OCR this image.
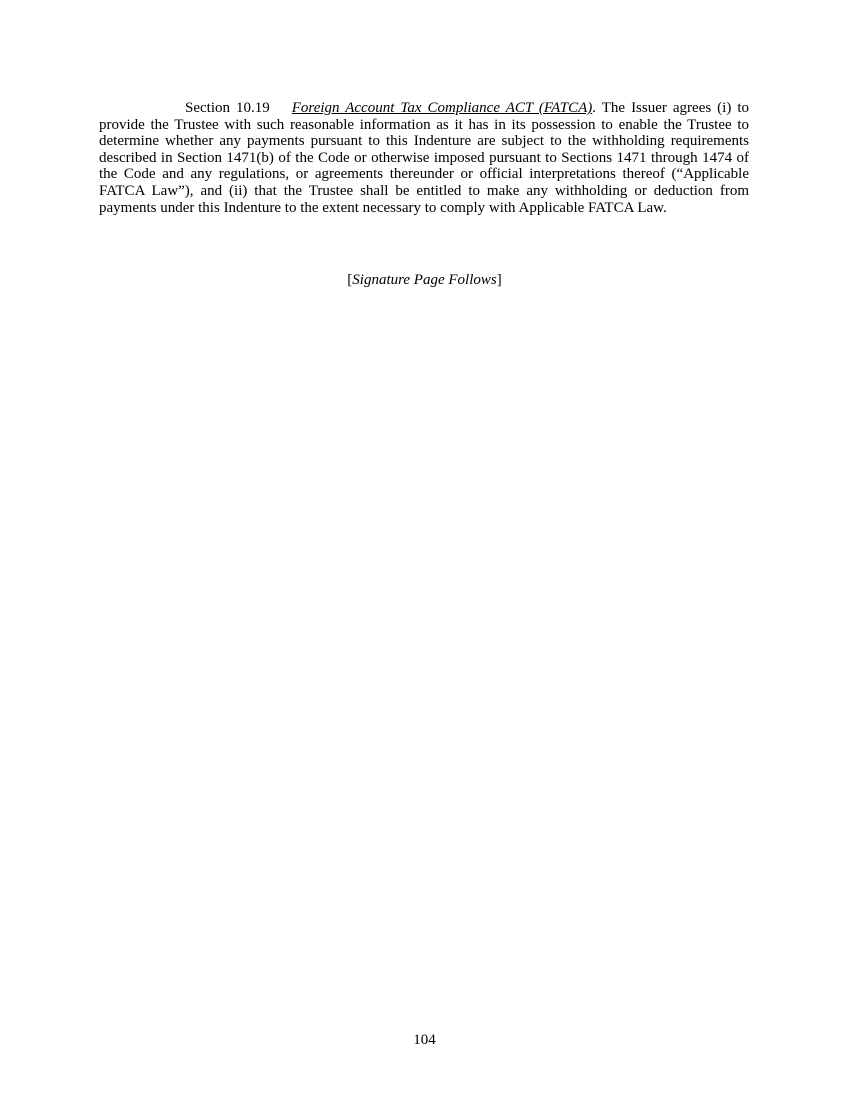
Section 10.19 Foreign Account Tax Compliance ACT (FATCA). The Issuer agrees (i) to provide the Trustee with such reasonable information as it has in its possession to enable the Trustee to determine whether any payments pursuant to this Indenture are subject to the withholding requirements described in Section 1471(b) of the Code or otherwise imposed pursuant to Sections 1471 through 1474 of the Code and any regulations, or agreements thereunder or official interpretations thereof (“Applicable FATCA Law”), and (ii) that the Trustee shall be entitled to make any withholding or deduction from payments under this Indenture to the extent necessary to comply with Applicable FATCA Law.

[Signature Page Follows]

104
